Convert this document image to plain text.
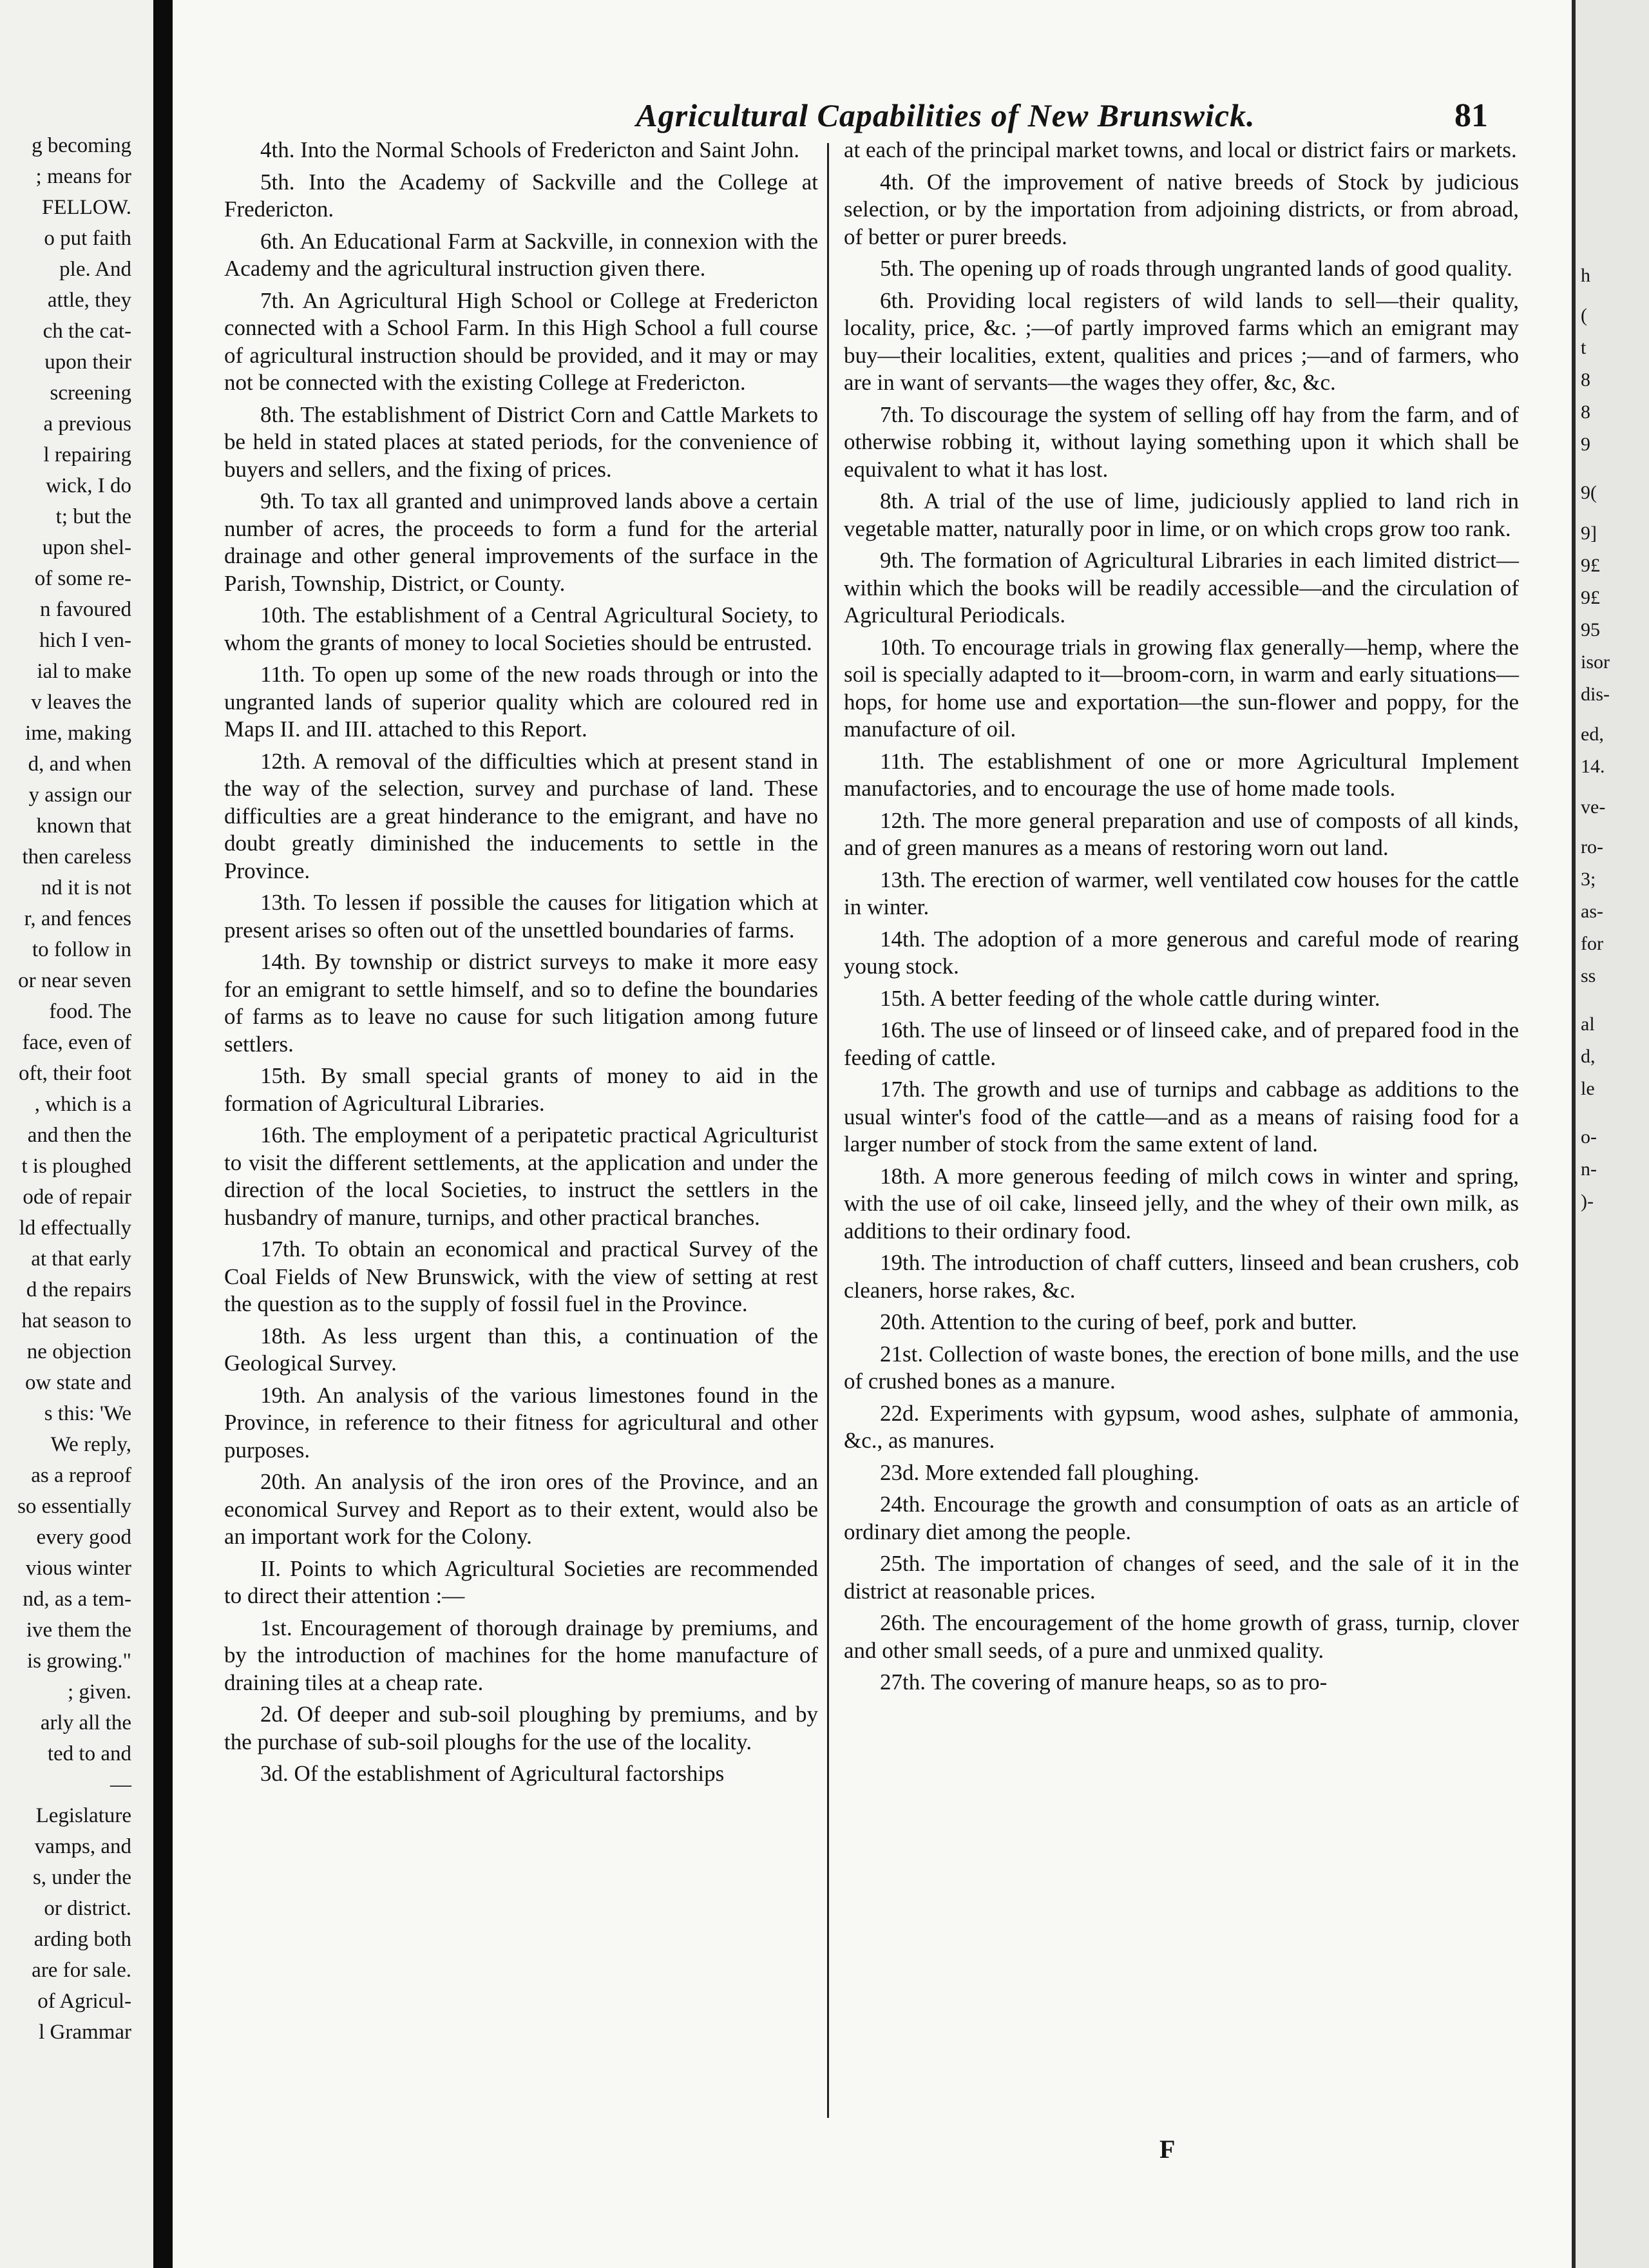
g becoming
; means for
FELLOW.
o put faith
ple. And
attle, they
ch the cat-
upon their
screening
a previous
l repairing
wick, I do
t; but the
upon shel-
of some re-
n favoured
hich I ven-
ial to make
v leaves the
ime, making
d, and when
y assign our
known that
then careless
nd it is not
r, and fences
to follow in
or near seven
food. The
face, even of
oft, their foot
, which is a
and then the
t is ploughed
ode of repair
ld effectually
at that early
d the repairs
hat season to
ne objection
ow state and
s this: 'We
We reply,
as a reproof
so essentially
every good
vious winter
nd, as a tem-
ive them the
is growing."
; given.
arly all the
ted to and
—
Legislature
vamps, and
s, under the
or district.
arding both
are for sale.
of Agricul-
l Grammar
Agricultural Capabilities of New Brunswick.	81

4th. Into the Normal Schools of Fredericton and Saint John.

5th. Into the Academy of Sackville and the College at Fredericton.

6th. An Educational Farm at Sackville, in connexion with the Academy and the agricultural instruction given there.

7th. An Agricultural High School or College at Fredericton connected with a School Farm. In this High School a full course of agricultural instruction should be provided, and it may or may not be connected with the existing College at Fredericton.

8th. The establishment of District Corn and Cattle Markets to be held in stated places at stated periods, for the convenience of buyers and sellers, and the fixing of prices.

9th. To tax all granted and unimproved lands above a certain number of acres, the proceeds to form a fund for the arterial drainage and other general improvements of the surface in the Parish, Township, District, or County.

10th. The establishment of a Central Agricultural Society, to whom the grants of money to local Societies should be entrusted.

11th. To open up some of the new roads through or into the ungranted lands of superior quality which are coloured red in Maps II. and III. attached to this Report.

12th. A removal of the difficulties which at present stand in the way of the selection, survey and purchase of land. These difficulties are a great hinderance to the emigrant, and have no doubt greatly diminished the inducements to settle in the Province.

13th. To lessen if possible the causes for litigation which at present arises so often out of the unsettled boundaries of farms.

14th. By township or district surveys to make it more easy for an emigrant to settle himself, and so to define the boundaries of farms as to leave no cause for such litigation among future settlers.

15th. By small special grants of money to aid in the formation of Agricultural Libraries.

16th. The employment of a peripatetic practical Agriculturist to visit the different settlements, at the application and under the direction of the local Societies, to instruct the settlers in the husbandry of manure, turnips, and other practical branches.

17th. To obtain an economical and practical Survey of the Coal Fields of New Brunswick, with the view of setting at rest the question as to the supply of fossil fuel in the Province.

18th. As less urgent than this, a continuation of the Geological Survey.

19th. An analysis of the various limestones found in the Province, in reference to their fitness for agricultural and other purposes.

20th. An analysis of the iron ores of the Province, and an economical Survey and Report as to their extent, would also be an important work for the Colony.

II. Points to which Agricultural Societies are recommended to direct their attention :—

1st. Encouragement of thorough drainage by premiums, and by the introduction of machines for the home manufacture of draining tiles at a cheap rate.

2d. Of deeper and sub-soil ploughing by premiums, and by the purchase of sub-soil ploughs for the use of the locality.

3d. Of the establishment of Agricultural factorships

at each of the principal market towns, and local or district fairs or markets.

4th. Of the improvement of native breeds of Stock by judicious selection, or by the importation from adjoining districts, or from abroad, of better or purer breeds.

5th. The opening up of roads through ungranted lands of good quality.

6th. Providing local registers of wild lands to sell—their quality, locality, price, &c. ;—of partly improved farms which an emigrant may buy—their localities, extent, qualities and prices ;—and of farmers, who are in want of servants—the wages they offer, &c, &c.

7th. To discourage the system of selling off hay from the farm, and of otherwise robbing it, without laying something upon it which shall be equivalent to what it has lost.

8th. A trial of the use of lime, judiciously applied to land rich in vegetable matter, naturally poor in lime, or on which crops grow too rank.

9th. The formation of Agricultural Libraries in each limited district—within which the books will be readily accessible—and the circulation of Agricultural Periodicals.

10th. To encourage trials in growing flax generally—hemp, where the soil is specially adapted to it—broom-corn, in warm and early situations—hops, for home use and exportation—the sun-flower and poppy, for the manufacture of oil.

11th. The establishment of one or more Agricultural Implement manufactories, and to encourage the use of home made tools.

12th. The more general preparation and use of composts of all kinds, and of green manures as a means of restoring worn out land.

13th. The erection of warmer, well ventilated cow houses for the cattle in winter.

14th. The adoption of a more generous and careful mode of rearing young stock.

15th. A better feeding of the whole cattle during winter.

16th. The use of linseed or of linseed cake, and of prepared food in the feeding of cattle.

17th. The growth and use of turnips and cabbage as additions to the usual winter's food of the cattle—and as a means of raising food for a larger number of stock from the same extent of land.

18th. A more generous feeding of milch cows in winter and spring, with the use of oil cake, linseed jelly, and the whey of their own milk, as additions to their ordinary food.

19th. The introduction of chaff cutters, linseed and bean crushers, cob cleaners, horse rakes, &c.

20th. Attention to the curing of beef, pork and butter.

21st. Collection of waste bones, the erection of bone mills, and the use of crushed bones as a manure.

22d. Experiments with gypsum, wood ashes, sulphate of ammonia, &c., as manures.

23d. More extended fall ploughing.

24th. Encourage the growth and consumption of oats as an article of ordinary diet among the people.

25th. The importation of changes of seed, and the sale of it in the district at reasonable prices.

26th. The encouragement of the home growth of grass, turnip, clover and other small seeds, of a pure and unmixed quality.

27th. The covering of manure heaps, so as to pro-

F
h
(
t
8
8
9
9(
9]
9£
9£
95
isor
dis-
ed,
14.
ve-
ro-
3;
as-
for
ss
al
d,
le
o-
n-
)-
